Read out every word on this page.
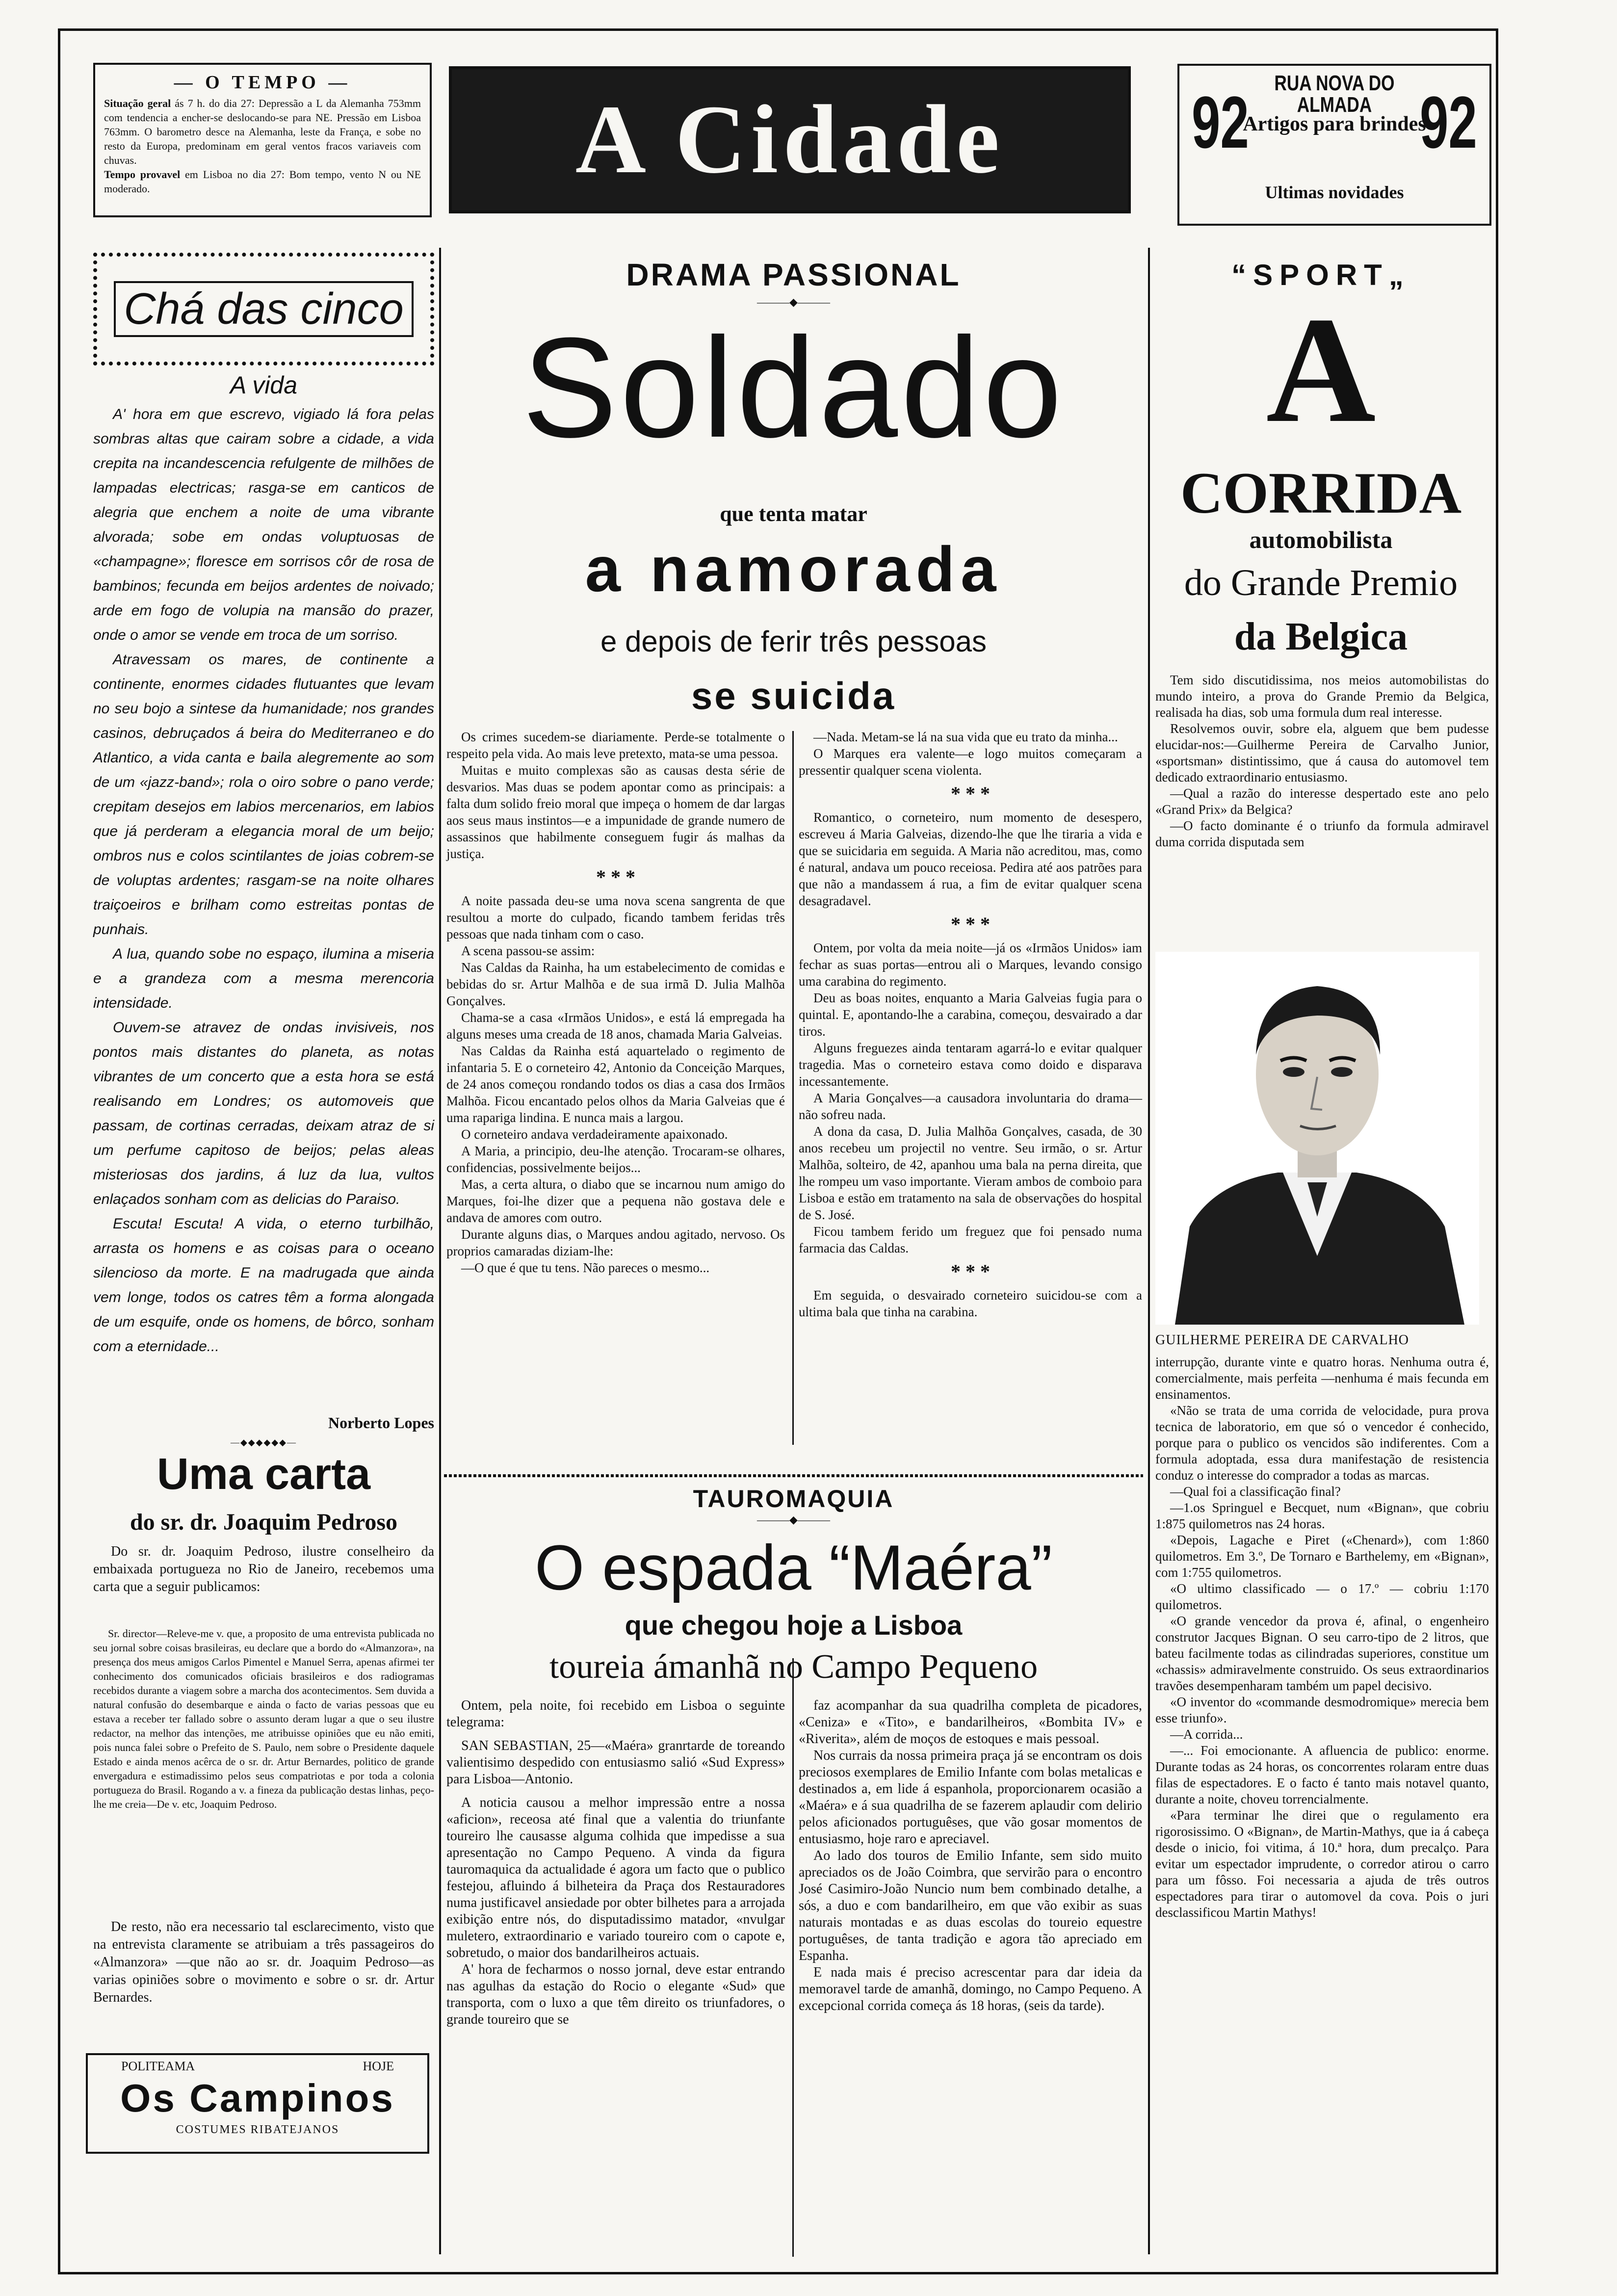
— O TEMPO —
Situação geral ás 7 h. do dia 27: Depressão a L da Alemanha 753mm com tendencia a encher-se deslocando-se para NE. Pressão em Lisboa 763mm. O barometro desce na Alemanha, leste da França, e sobe no resto da Europa, predominam em geral ventos fracos variaveis com chuvas.
Tempo provavel em Lisboa no dia 27: Bom tempo, vento N ou NE moderado.	A Cidade	92	RUA NOVA DO ALMADA
Artigos para brindes
Ultimas novidades
92
Chá das cinco
A vida

A' hora em que escrevo, vigiado lá fora pelas sombras altas que cairam sobre a cidade, a vida crepita na incandescencia refulgente de milhões de lampadas electricas; rasga-se em canticos de alegria que enchem a noite de uma vibrante alvorada; sobe em ondas voluptuosas de «champagne»; floresce em sorrisos côr de rosa de bambinos; fecunda em beijos ardentes de noivado; arde em fogo de volupia na mansão do prazer, onde o amor se vende em troca de um sorriso.

Atravessam os mares, de continente a continente, enormes cidades flutuantes que levam no seu bojo a sintese da humanidade; nos grandes casinos, debruçados á beira do Mediterraneo e do Atlantico, a vida canta e baila alegremente ao som de um «jazz-band»; rola o oiro sobre o pano verde; crepitam desejos em labios mercenarios, em labios que já perderam a elegancia moral de um beijo; ombros nus e colos scintilantes de joias cobrem-se de voluptas ardentes; rasgam-se na noite olhares traiçoeiros e brilham como estreitas pontas de punhais.

A lua, quando sobe no espaço, ilumina a miseria e a grandeza com a mesma merencoria intensidade.

Ouvem-se atravez de ondas invisiveis, nos pontos mais distantes do planeta, as notas vibrantes de um concerto que a esta hora se está realisando em Londres; os automoveis que passam, de cortinas cerradas, deixam atraz de si um perfume capitoso de beijos; pelas aleas misteriosas dos jardins, á luz da lua, vultos enlaçados sonham com as delicias do Paraiso.

Escuta! Escuta! A vida, o eterno turbilhão, arrasta os homens e as coisas para o oceano silencioso da morte. E na madrugada que ainda vem longe, todos os catres têm a forma alongada de um esquife, onde os homens, de bôrco, sonham com a eternidade...

Norberto Lopes
—◆◆◆◆◆◆—
Uma carta
do sr. dr. Joaquim Pedroso
Do sr. dr. Joaquim Pedroso, ilustre conselheiro da embaixada portugueza no Rio de Janeiro, recebemos uma carta que a seguir publicamos:
Sr. director—Releve-me v. que, a proposito de uma entrevista publicada no seu jornal sobre coisas brasileiras, eu declare que a bordo do «Almanzora», na presença dos meus amigos Carlos Pimentel e Manuel Serra, apenas afirmei ter conhecimento dos comunicados oficiais brasileiros e dos radiogramas recebidos durante a viagem sobre a marcha dos acontecimentos. Sem duvida a natural confusão do desembarque e ainda o facto de varias pessoas que eu estava a receber ter fallado sobre o assunto deram lugar a que o seu ilustre redactor, na melhor das intenções, me atribuisse opiniões que eu não emiti, pois nunca falei sobre o Prefeito de S. Paulo, nem sobre o Presidente daquele Estado e ainda menos acêrca de o sr. dr. Artur Bernardes, politico de grande envergadura e estimadissimo pelos seus compatriotas e por toda a colonia portugueza do Brasil. Rogando a v. a fineza da publicação destas linhas, peço-lhe me creia—De v. etc, Joaquim Pedroso.
De resto, não era necessario tal esclarecimento, visto que na entrevista claramente se atribuiam a três passageiros do «Almanzora» —que não ao sr. dr. Joaquim Pedroso—as varias opiniões sobre o movimento e sobre o sr. dr. Artur Bernardes.
POLITEAMA	HOJE
Os Campinos
COSTUMES RIBATEJANOS
DRAMA PASSIONAL
———◆———
Soldado
que tenta matar
a namorada
e depois de ferir três pessoas
se suicida

Os crimes sucedem-se diariamente. Perde-se totalmente o respeito pela vida. Ao mais leve pretexto, mata-se uma pessoa.

Muitas e muito complexas são as causas desta série de desvarios. Mas duas se podem apontar como as principais: a falta dum solido freio moral que impeça o homem de dar largas aos seus maus instintos—e a impunidade de grande numero de assassinos que habilmente conseguem fugir ás malhas da justiça.

* * *

A noite passada deu-se uma nova scena sangrenta de que resultou a morte do culpado, ficando tambem feridas três pessoas que nada tinham com o caso.

A scena passou-se assim:

Nas Caldas da Rainha, ha um estabelecimento de comidas e bebidas do sr. Artur Malhõa e de sua irmã D. Julia Malhõa Gonçalves.

Chama-se a casa «Irmãos Unidos», e está lá empregada ha alguns meses uma creada de 18 anos, chamada Maria Galveias.

Nas Caldas da Rainha está aquartelado o regimento de infantaria 5. E o corneteiro 42, Antonio da Conceição Marques, de 24 anos começou rondando todos os dias a casa dos Irmãos Malhõa. Ficou encantado pelos olhos da Maria Galveias que é uma rapariga lindina. E nunca mais a largou.

O corneteiro andava verdadeiramente apaixonado.

A Maria, a principio, deu-lhe atenção. Trocaram-se olhares, confidencias, possivelmente beijos...

Mas, a certa altura, o diabo que se incarnou num amigo do Marques, foi-lhe dizer que a pequena não gostava dele e andava de amores com outro.

Durante alguns dias, o Marques andou agitado, nervoso. Os proprios camaradas diziam-lhe:

—O que é que tu tens. Não pareces o mesmo...

—Nada. Metam-se lá na sua vida que eu trato da minha...

O Marques era valente—e logo muitos começaram a pressentir qualquer scena violenta.

* * *

Romantico, o corneteiro, num momento de desespero, escreveu á Maria Galveias, dizendo-lhe que lhe tiraria a vida e que se suicidaria em seguida. A Maria não acreditou, mas, como é natural, andava um pouco receiosa. Pedira até aos patrões para que não a mandassem á rua, a fim de evitar qualquer scena desagradavel.

* * *

Ontem, por volta da meia noite—já os «Irmãos Unidos» iam fechar as suas portas—entrou ali o Marques, levando consigo uma carabina do regimento.

Deu as boas noites, enquanto a Maria Galveias fugia para o quintal. E, apontando-lhe a carabina, começou, desvairado a dar tiros.

Alguns freguezes ainda tentaram agarrá-lo e evitar qualquer tragedia. Mas o corneteiro estava como doido e disparava incessantemente.

A Maria Gonçalves—a causadora involuntaria do drama—não sofreu nada.

A dona da casa, D. Julia Malhõa Gonçalves, casada, de 30 anos recebeu um projectil no ventre. Seu irmão, o sr. Artur Malhõa, solteiro, de 42, apanhou uma bala na perna direita, que lhe rompeu um vaso importante. Vieram ambos de comboio para Lisboa e estão em tratamento na sala de observações do hospital de S. José.

Ficou tambem ferido um freguez que foi pensado numa farmacia das Caldas.

* * *

Em seguida, o desvairado corneteiro suicidou-se com a ultima bala que tinha na carabina.

TAUROMAQUIA
———◆———
O espada “Maéra”
que chegou hoje a Lisboa
toureia ámanhã no Campo Pequeno

Ontem, pela noite, foi recebido em Lisboa o seguinte telegrama:

SAN SEBASTIAN, 25—«Maéra» granrtarde de toreando valientisimo despedido con entusiasmo salió «Sud Express» para Lisboa—Antonio.

A noticia causou a melhor impressão entre a nossa «aficion», receosa até final que a valentia do triunfante toureiro lhe causasse alguma colhida que impedisse a sua apresentação no Campo Pequeno. A vinda da figura tauromaquica da actualidade é agora um facto que o publico festejou, afluindo á bilheteira da Praça dos Restauradores numa justificavel ansiedade por obter bilhetes para a arrojada exibição entre nós, do disputadissimo matador, «nvulgar muletero, extraordinario e variado toureiro com o capote e, sobretudo, o maior dos bandarilheiros actuais.

A' hora de fecharmos o nosso jornal, deve estar entrando nas agulhas da estação do Rocio o elegante «Sud» que transporta, com o luxo a que têm direito os triunfadores, o grande toureiro que se

faz acompanhar da sua quadrilha completa de picadores, «Ceniza» e «Tito», e bandarilheiros, «Bombita IV» e «Riverita», além de moços de estoques e mais pessoal.

Nos currais da nossa primeira praça já se encontram os dois preciosos exemplares de Emilio Infante com bolas metalicas e destinados a, em lide á espanhola, proporcionarem ocasião a «Maéra» e á sua quadrilha de se fazerem aplaudir com delirio pelos aficionados portuguêses, que vão gosar momentos de entusiasmo, hoje raro e apreciavel.

Ao lado dos touros de Emilio Infante, sem sido muito apreciados os de João Coimbra, que servirão para o encontro José Casimiro-João Nuncio num bem combinado detalhe, a sós, a duo e com bandarilheiro, em que vão exibir as suas naturais montadas e as duas escolas do toureio equestre portuguêses, de tanta tradição e agora tão apreciado em Espanha.

E nada mais é preciso acrescentar para dar ideia da memoravel tarde de amanhã, domingo, no Campo Pequeno. A excepcional corrida começa ás 18 horas, (seis da tarde).

“SPORT„
A
CORRIDA
automobilista
do Grande Premio
da Belgica

Tem sido discutidissima, nos meios automobilistas do mundo inteiro, a prova do Grande Premio da Belgica, realisada ha dias, sob uma formula dum real interesse.

Resolvemos ouvir, sobre ela, alguem que bem pudesse elucidar-nos:—Guilherme Pereira de Carvalho Junior, «sportsman» distintissimo, que á causa do automovel tem dedicado extraordinario entusiasmo.

—Qual a razão do interesse despertado este ano pelo «Grand Prix» da Belgica?

—O facto dominante é o triunfo da formula admiravel duma corrida disputada sem

GUILHERME PEREIRA DE CARVALHO

interrupção, durante vinte e quatro horas. Nenhuma outra é, comercialmente, mais perfeita —nenhuma é mais fecunda em ensinamentos.

«Não se trata de uma corrida de velocidade, pura prova tecnica de laboratorio, em que só o vencedor é conhecido, porque para o publico os vencidos são indiferentes. Com a formula adoptada, essa dura manifestação de resistencia conduz o interesse do comprador a todas as marcas.

—Qual foi a classificação final?

—1.os Springuel e Becquet, num «Bignan», que cobriu 1:875 quilometros nas 24 horas.

«Depois, Lagache e Piret («Chenard»), com 1:860 quilometros. Em 3.º, De Tornaro e Barthelemy, em «Bignan», com 1:755 quilometros.

«O ultimo classificado — o 17.º — cobriu 1:170 quilometros.

«O grande vencedor da prova é, afinal, o engenheiro construtor Jacques Bignan. O seu carro-tipo de 2 litros, que bateu facilmente todas as cilindradas superiores, constitue um «chassis» admiravelmente construido. Os seus extraordinarios travões desempenharam também um papel decisivo.

«O inventor do «commande desmodromique» merecia bem esse triunfo».

—A corrida...

—... Foi emocionante. A afluencia de publico: enorme. Durante todas as 24 horas, os concorrentes rolaram entre duas filas de espectadores. E o facto é tanto mais notavel quanto, durante a noite, choveu torrencialmente.

«Para terminar lhe direi que o regulamento era rigorosissimo. O «Bignan», de Martin-Mathys, que ia á cabeça desde o inicio, foi vitima, á 10.ª hora, dum precalço. Para evitar um espectador imprudente, o corredor atirou o carro para um fôsso. Foi necessaria a ajuda de três outros espectadores para tirar o automovel da cova. Pois o juri desclassificou Martin Mathys!
